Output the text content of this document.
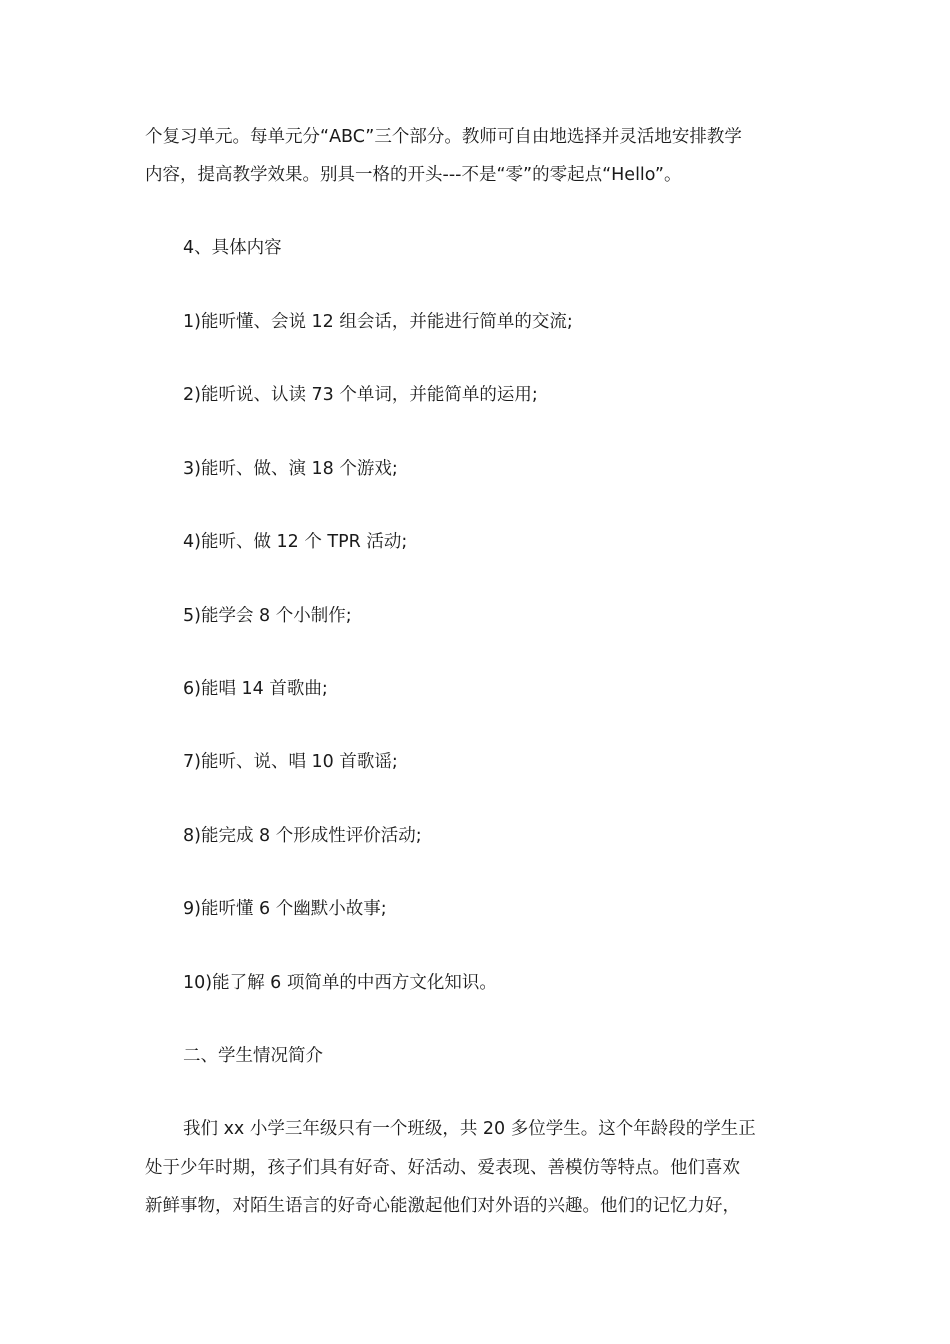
个复习单元。每单元分“ABC”三个部分。教师可自由地选择并灵活地安排教学
内容，提高教学效果。别具一格的开头---不是“零”的零起点“Hello”。
4、具体内容
1)能听懂、会说 12 组会话，并能进行简单的交流;
2)能听说、认读 73 个单词，并能简单的运用;
3)能听、做、演 18 个游戏;
4)能听、做 12 个 TPR 活动;
5)能学会 8 个小制作;
6)能唱 14 首歌曲;
7)能听、说、唱 10 首歌谣;
8)能完成 8 个形成性评价活动;
9)能听懂 6 个幽默小故事;
10)能了解 6 项简单的中西方文化知识。
二、学生情况简介
我们 xx 小学三年级只有一个班级，共 20 多位学生。这个年龄段的学生正
处于少年时期，孩子们具有好奇、好活动、爱表现、善模仿等特点。他们喜欢
新鲜事物，对陌生语言的好奇心能激起他们对外语的兴趣。他们的记忆力好，
